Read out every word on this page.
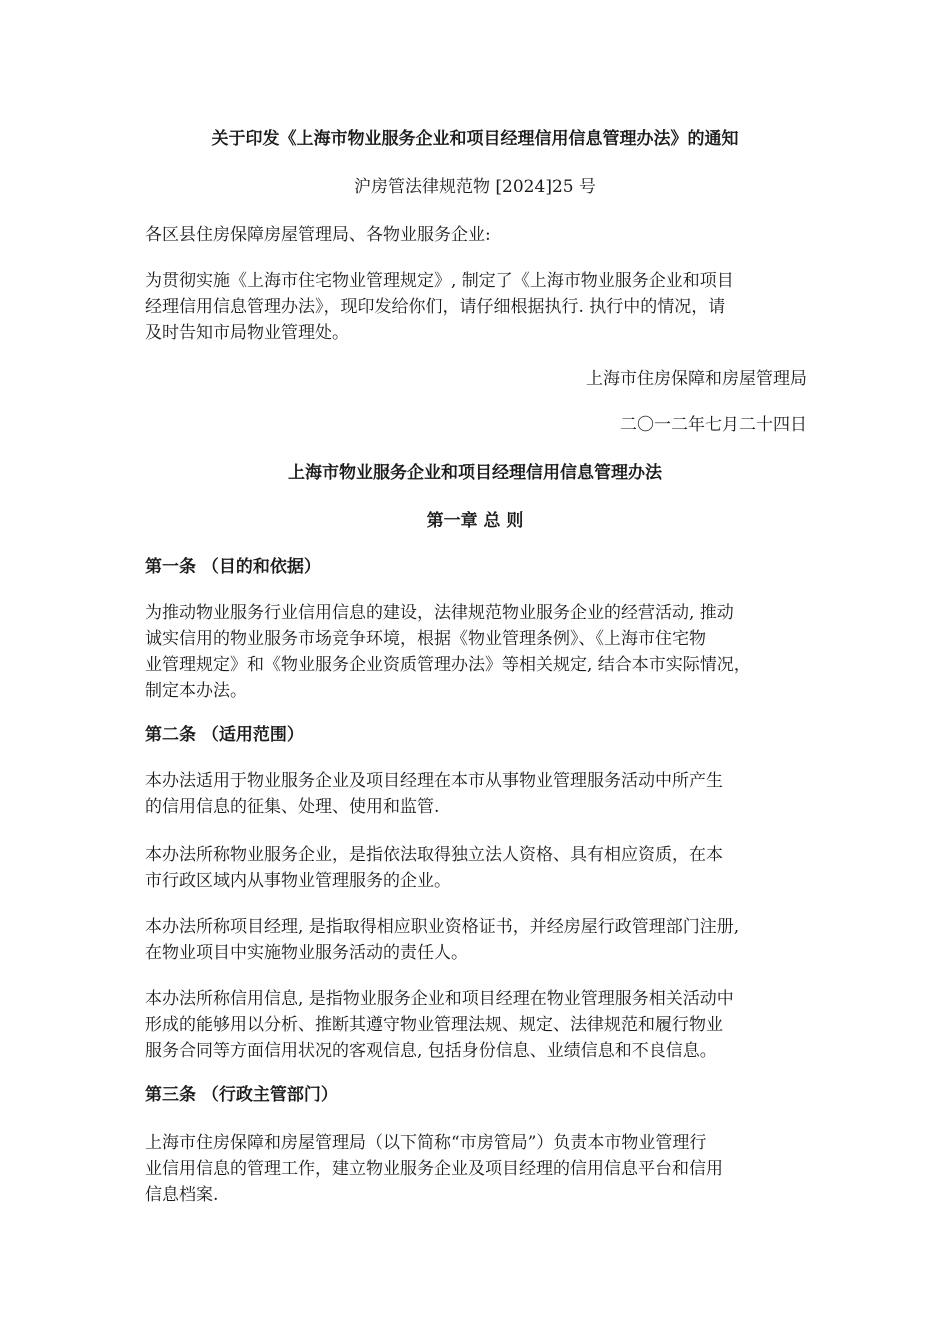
关于印发《上海市物业服务企业和项目经理信用信息管理办法》的通知
沪房管法律规范物 [2024]25 号
各区县住房保障房屋管理局、各物业服务企业:
为贯彻实施《上海市住宅物业管理规定》, 制定了《上海市物业服务企业和项目
经理信用信息管理办法》，现印发给你们，请仔细根据执行. 执行中的情况，请
及时告知市局物业管理处。
上海市住房保障和房屋管理局
二〇一二年七月二十四日
上海市物业服务企业和项目经理信用信息管理办法
第一章 总 则
第一条 （目的和依据）
为推动物业服务行业信用信息的建设，法律规范物业服务企业的经营活动, 推动
诚实信用的物业服务市场竞争环境，根据《物业管理条例》、《上海市住宅物
业管理规定》和《物业服务企业资质管理办法》等相关规定, 结合本市实际情况，
制定本办法。
第二条 （适用范围）
本办法适用于物业服务企业及项目经理在本市从事物业管理服务活动中所产生
的信用信息的征集、处理、使用和监管.
本办法所称物业服务企业，是指依法取得独立法人资格、具有相应资质，在本
市行政区域内从事物业管理服务的企业。
本办法所称项目经理, 是指取得相应职业资格证书，并经房屋行政管理部门注册,
在物业项目中实施物业服务活动的责任人。
本办法所称信用信息, 是指物业服务企业和项目经理在物业管理服务相关活动中
形成的能够用以分析、推断其遵守物业管理法规、规定、法律规范和履行物业
服务合同等方面信用状况的客观信息, 包括身份信息、业绩信息和不良信息。
第三条 （行政主管部门）
上海市住房保障和房屋管理局（以下简称“市房管局”）负责本市物业管理行
业信用信息的管理工作，建立物业服务企业及项目经理的信用信息平台和信用
信息档案.
